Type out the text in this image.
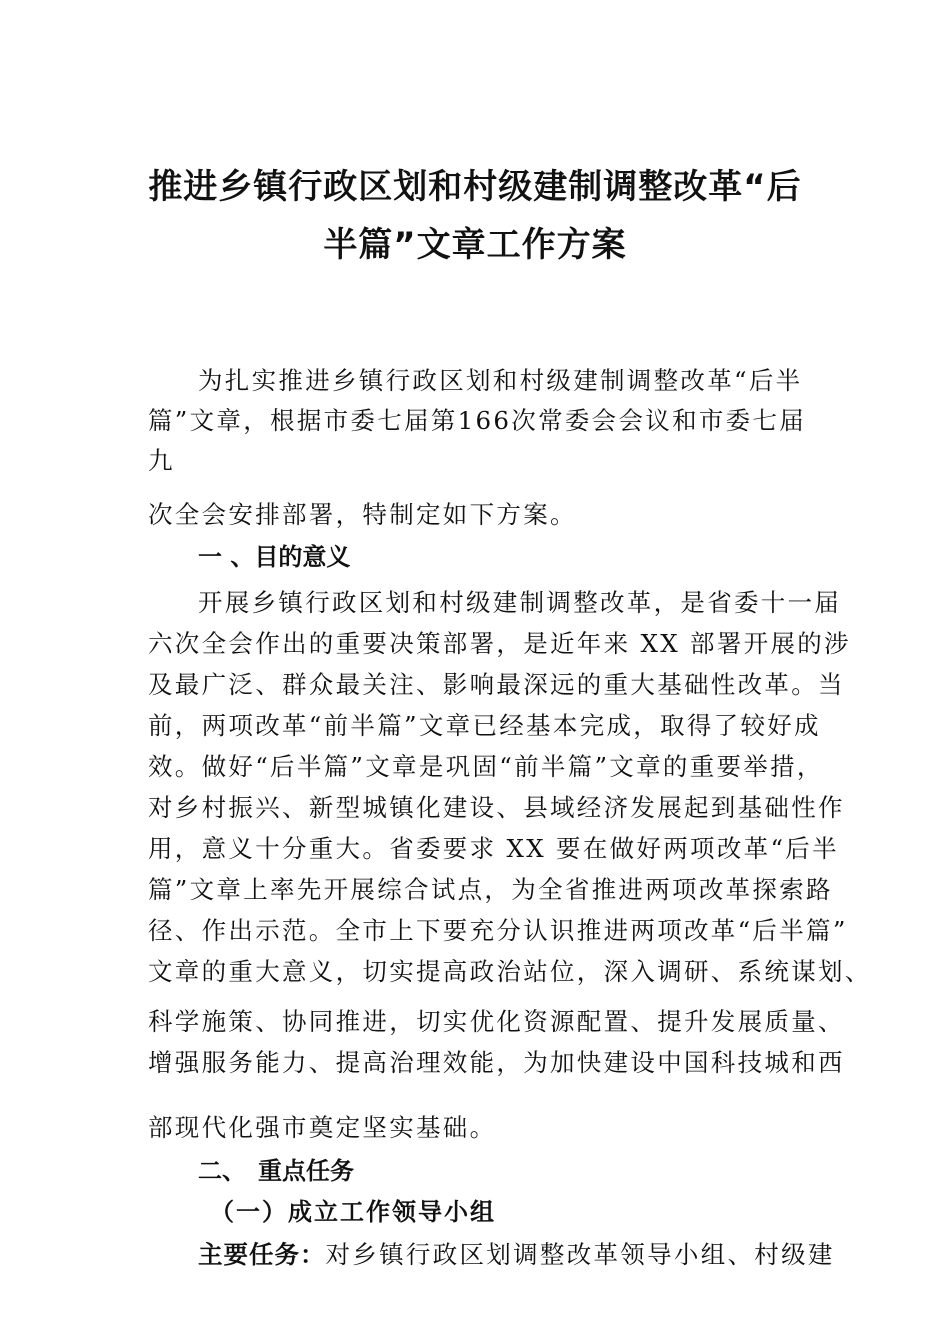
推进乡镇行政区划和村级建制调整改革“后
半篇”文章工作方案
为扎实推进乡镇行政区划和村级建制调整改革“后半
篇”文章，根据市委七届第166次常委会会议和市委七届
九
次全会安排部署，特制定如下方案。
一 、目的意义
开展乡镇行政区划和村级建制调整改革，是省委十一届
六次全会作出的重要决策部署，是近年来 XX 部署开展的涉
及最广泛、群众最关注、影响最深远的重大基础性改革。当
前，两项改革“前半篇”文章已经基本完成，取得了较好成
效。做好“后半篇”文章是巩固“前半篇”文章的重要举措，
对乡村振兴、新型城镇化建设、县域经济发展起到基础性作
用，意义十分重大。省委要求 XX 要在做好两项改革“后半
篇”文章上率先开展综合试点，为全省推进两项改革探索路
径、作出示范。全市上下要充分认识推进两项改革“后半篇”
文章的重大意义，切实提高政治站位，深入调研、系统谋划、
科学施策、协同推进，切实优化资源配置、提升发展质量、
增强服务能力、提高治理效能，为加快建设中国科技城和西
部现代化强市奠定坚实基础。
二、　重点任务
（一）成立工作领导小组
主要任务：对乡镇行政区划调整改革领导小组、村级建
